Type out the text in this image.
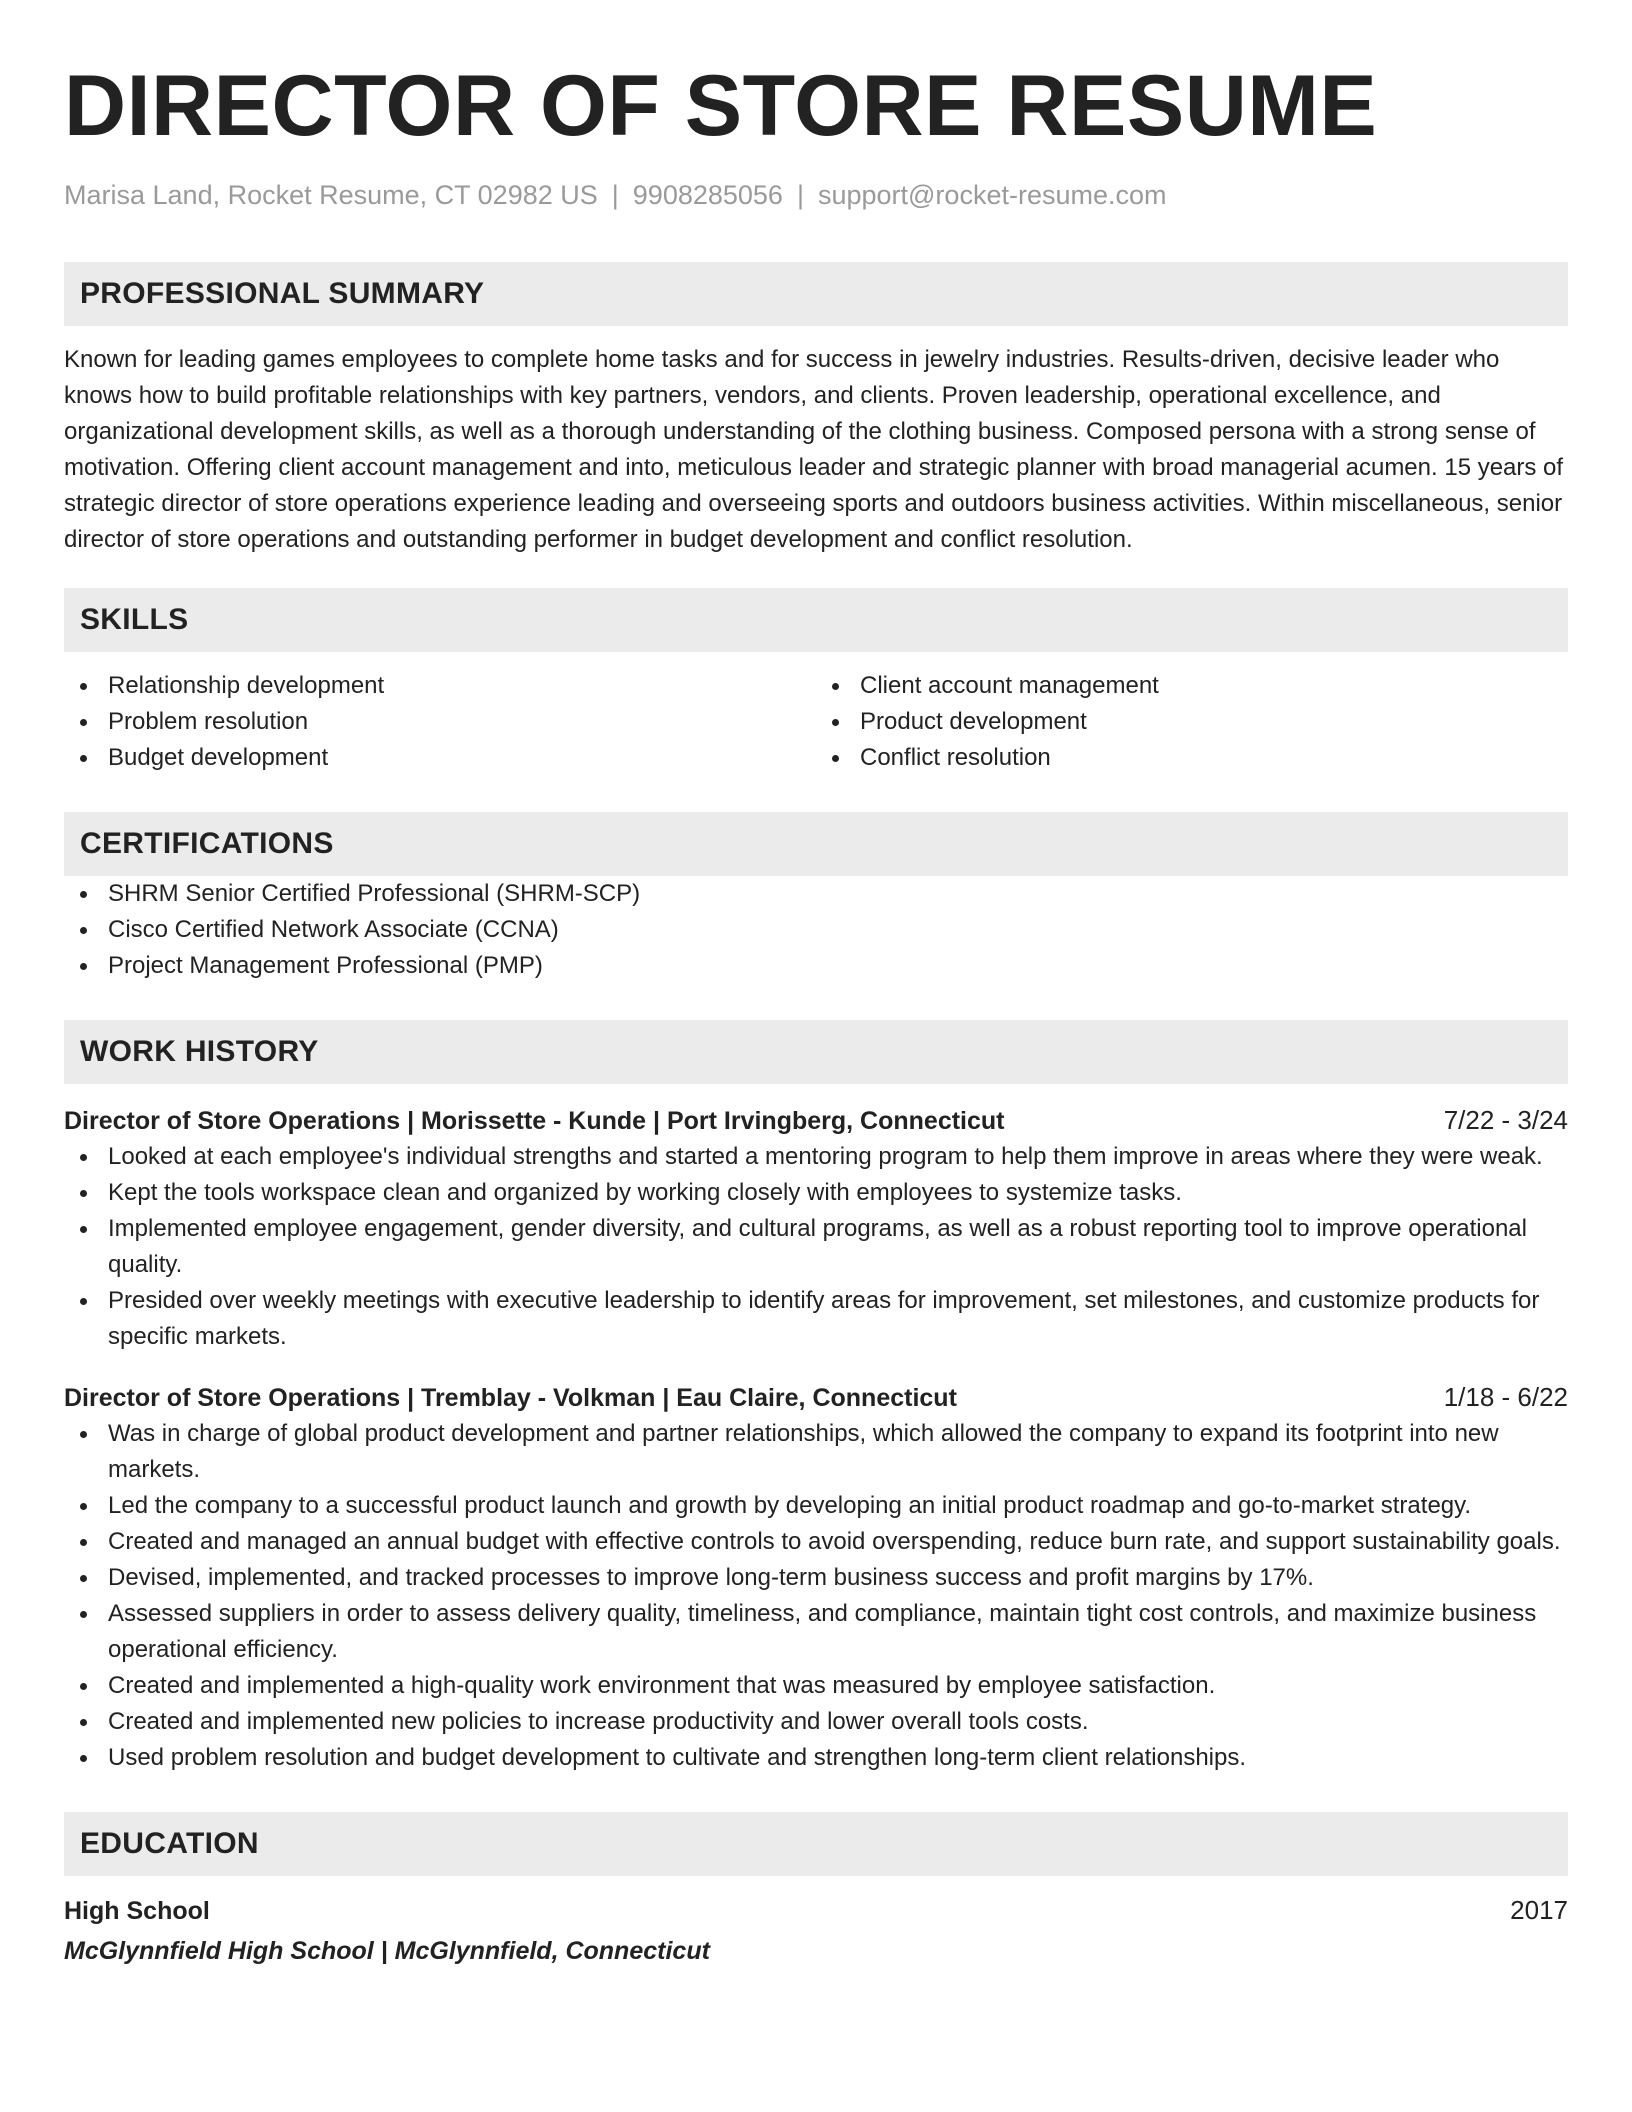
DIRECTOR OF STORE RESUME
Marisa Land, Rocket Resume, CT 02982 US | 9908285056 | support@rocket-resume.com
PROFESSIONAL SUMMARY
Known for leading games employees to complete home tasks and for success in jewelry industries. Results-driven, decisive leader who knows how to build profitable relationships with key partners, vendors, and clients. Proven leadership, operational excellence, and organizational development skills, as well as a thorough understanding of the clothing business. Composed persona with a strong sense of motivation. Offering client account management and into, meticulous leader and strategic planner with broad managerial acumen. 15 years of strategic director of store operations experience leading and overseeing sports and outdoors business activities. Within miscellaneous, senior director of store operations and outstanding performer in budget development and conflict resolution.
SKILLS
Relationship development
Problem resolution
Budget development
Client account management
Product development
Conflict resolution
CERTIFICATIONS
SHRM Senior Certified Professional (SHRM-SCP)
Cisco Certified Network Associate (CCNA)
Project Management Professional (PMP)
WORK HISTORY
Director of Store Operations | Morissette - Kunde | Port Irvingberg, Connecticut	7/22 - 3/24
Looked at each employee's individual strengths and started a mentoring program to help them improve in areas where they were weak.
Kept the tools workspace clean and organized by working closely with employees to systemize tasks.
Implemented employee engagement, gender diversity, and cultural programs, as well as a robust reporting tool to improve operational quality.
Presided over weekly meetings with executive leadership to identify areas for improvement, set milestones, and customize products for specific markets.
Director of Store Operations | Tremblay - Volkman | Eau Claire, Connecticut	1/18 - 6/22
Was in charge of global product development and partner relationships, which allowed the company to expand its footprint into new markets.
Led the company to a successful product launch and growth by developing an initial product roadmap and go-to-market strategy.
Created and managed an annual budget with effective controls to avoid overspending, reduce burn rate, and support sustainability goals.
Devised, implemented, and tracked processes to improve long-term business success and profit margins by 17%.
Assessed suppliers in order to assess delivery quality, timeliness, and compliance, maintain tight cost controls, and maximize business operational efficiency.
Created and implemented a high-quality work environment that was measured by employee satisfaction.
Created and implemented new policies to increase productivity and lower overall tools costs.
Used problem resolution and budget development to cultivate and strengthen long-term client relationships.
EDUCATION
High School	2017
McGlynnfield High School | McGlynnfield, Connecticut
